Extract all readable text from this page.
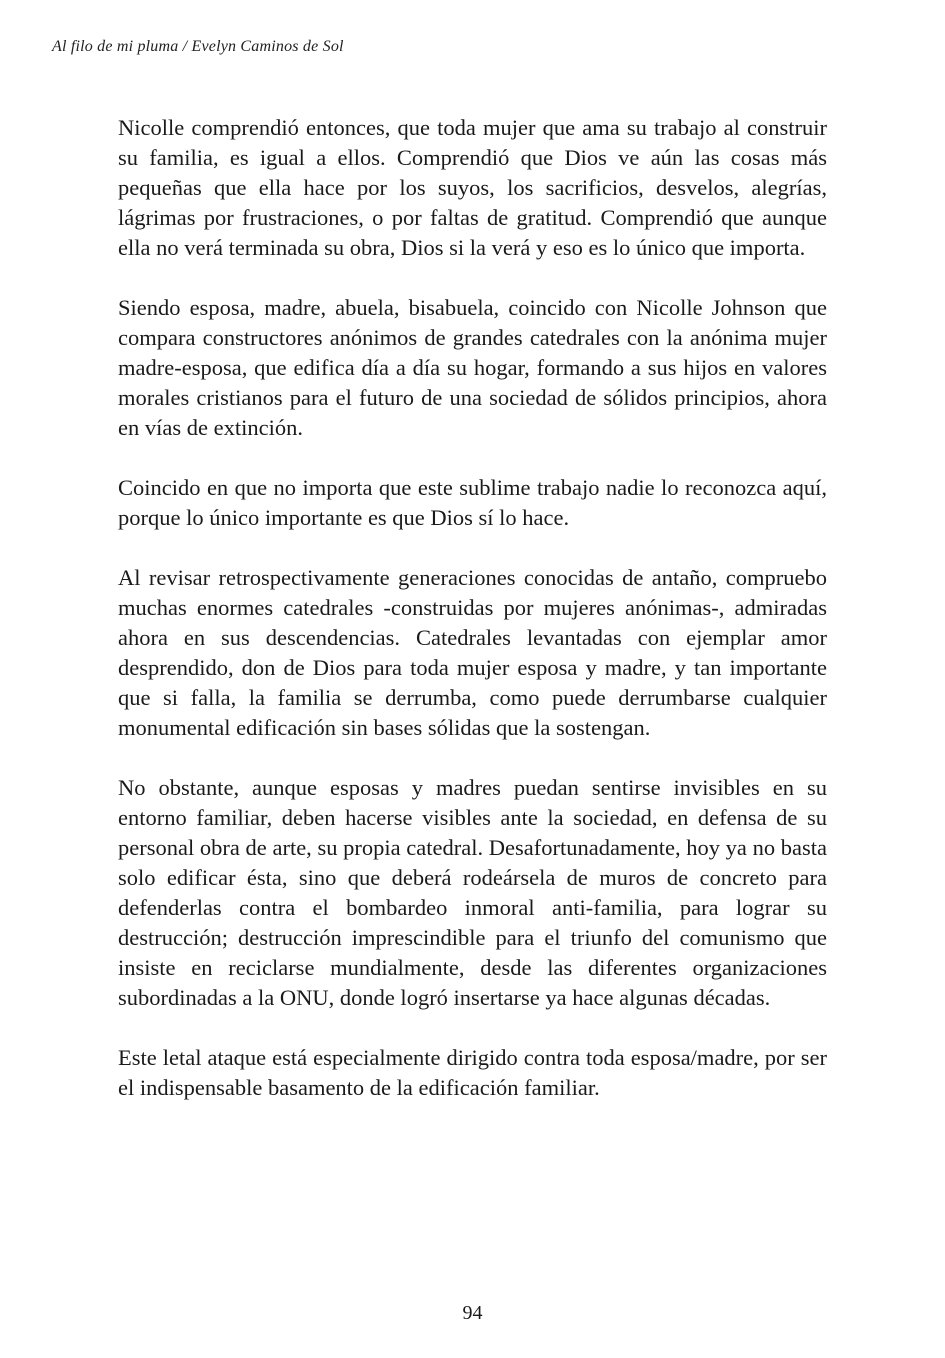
Al filo de mi pluma / Evelyn Caminos de Sol

Nicolle comprendió entonces, que toda mujer que ama su trabajo al construir su familia, es igual a ellos. Comprendió que Dios ve aún las cosas más pequeñas que ella hace por los suyos, los sacrificios, desvelos, alegrías, lágrimas por frustraciones, o por faltas de gratitud. Comprendió que aunque ella no verá terminada su obra, Dios si la verá y eso es lo único que importa.

Siendo esposa, madre, abuela, bisabuela, coincido con Nicolle Johnson que compara constructores anónimos de grandes catedrales con la anónima mujer madre-esposa, que edifica día a día su hogar, formando a sus hijos en valores morales cristianos para el futuro de una sociedad de sólidos principios, ahora en vías de extinción.

Coincido en que no importa que este sublime trabajo nadie lo reconozca aquí, porque lo único importante es que Dios sí lo hace.

Al revisar retrospectivamente generaciones conocidas de antaño, compruebo muchas enormes catedrales -construidas por mujeres anónimas-, admiradas ahora en sus descendencias. Catedrales levantadas con ejemplar amor desprendido, don de Dios para toda mujer esposa y madre, y tan importante que si falla, la familia se derrumba, como puede derrumbarse cualquier monumental edificación sin bases sólidas que la sostengan.

No obstante, aunque esposas y madres puedan sentirse invisibles en su entorno familiar, deben hacerse visibles ante la sociedad, en defensa de su personal obra de arte, su propia catedral. Desafortunadamente, hoy ya no basta solo edificar ésta, sino que deberá rodeársela de muros de concreto para defenderlas contra el bombardeo inmoral anti-familia, para lograr su destrucción; destrucción imprescindible para el triunfo del comunismo que insiste en reciclarse mundialmente, desde las diferentes organizaciones subordinadas a la ONU, donde logró insertarse ya hace algunas décadas.

Este letal ataque está especialmente dirigido contra toda esposa/madre, por ser el indispensable basamento de la edificación familiar.

94
